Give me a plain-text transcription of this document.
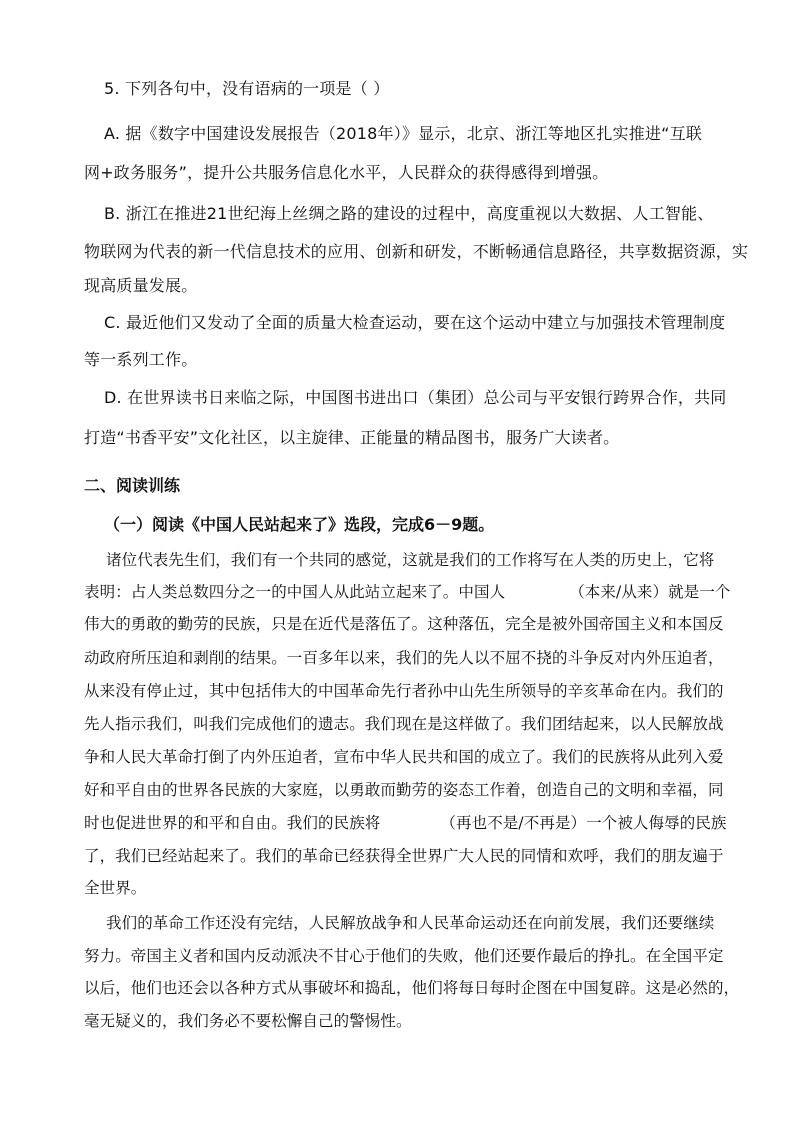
5. 下列各句中，没有语病的一项是（ ）
A. 据《数字中国建设发展报告（2018年）》显示，北京、浙江等地区扎实推进“互联
网+政务服务”，提升公共服务信息化水平，人民群众的获得感得到增强。
B. 浙江在推进21世纪海上丝绸之路的建设的过程中，高度重视以大数据、人工智能、
物联网为代表的新一代信息技术的应用、创新和研发，不断畅通信息路径，共享数据资源，实
现高质量发展。
C. 最近他们又发动了全面的质量大检查运动，要在这个运动中建立与加强技术管理制度
等一系列工作。
D. 在世界读书日来临之际，中国图书进出口（集团）总公司与平安银行跨界合作，共同
打造“书香平安”文化社区，以主旋律、正能量的精品图书，服务广大读者。
二、阅读训练
（一）阅读《中国人民站起来了》选段，完成6－9题。
诸位代表先生们，我们有一个共同的感觉，这就是我们的工作将写在人类的历史上，它将
表明：占人类总数四分之一的中国人从此站立起来了。中国人	（本来/从来）就是一个
伟大的勇敢的勤劳的民族，只是在近代是落伍了。这种落伍，完全是被外国帝国主义和本国反
动政府所压迫和剥削的结果。一百多年以来，我们的先人以不屈不挠的斗争反对内外压迫者，
从来没有停止过，其中包括伟大的中国革命先行者孙中山先生所领导的辛亥革命在内。我们的
先人指示我们，叫我们完成他们的遗志。我们现在是这样做了。我们团结起来，以人民解放战
争和人民大革命打倒了内外压迫者，宣布中华人民共和国的成立了。我们的民族将从此列入爱
好和平自由的世界各民族的大家庭，以勇敢而勤劳的姿态工作着，创造自己的文明和幸福，同
时也促进世界的和平和自由。我们的民族将	（再也不是/不再是）一个被人侮辱的民族
了，我们已经站起来了。我们的革命已经获得全世界广大人民的同情和欢呼，我们的朋友遍于
全世界。
我们的革命工作还没有完结，人民解放战争和人民革命运动还在向前发展，我们还要继续
努力。帝国主义者和国内反动派决不甘心于他们的失败，他们还要作最后的挣扎。在全国平定
以后，他们也还会以各种方式从事破坏和捣乱，他们将每日每时企图在中国复辟。这是必然的，
毫无疑义的，我们务必不要松懈自己的警惕性。
